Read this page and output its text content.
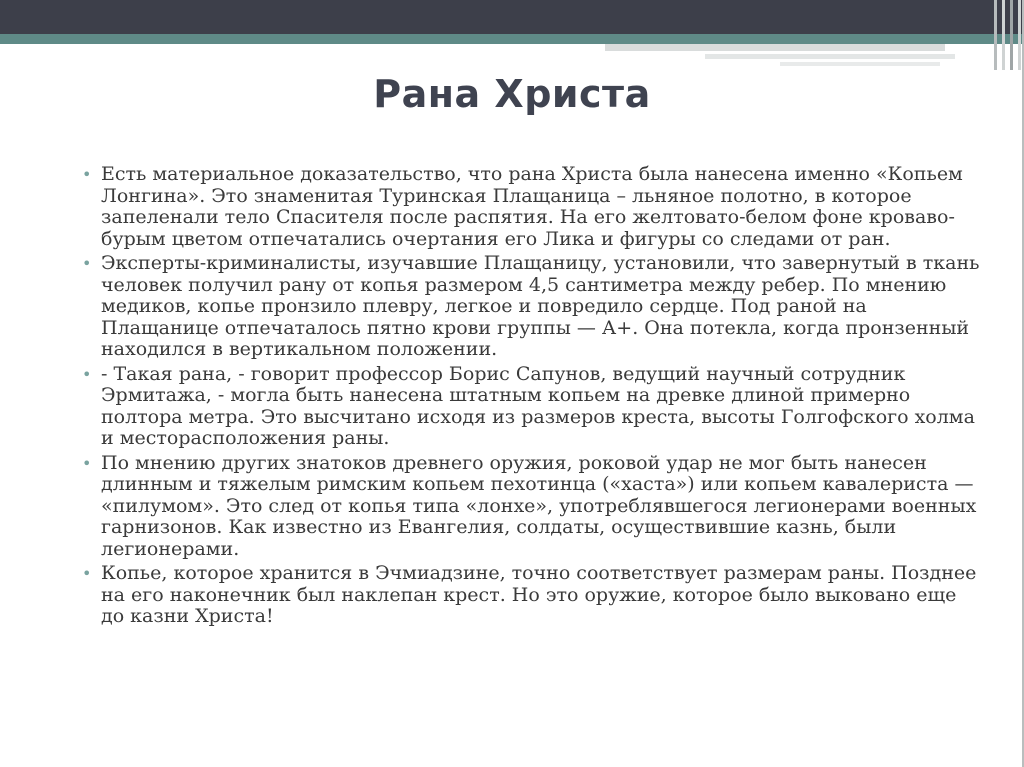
Рана Христа
• Есть материальное доказательство, что рана Христа была нанесена именно «Копьем Лонгина». Это знаменитая Туринская Плащаница – льняное полотно, в которое запеленали тело Спасителя после распятия. На его желтовато-белом фоне кроваво-бурым цветом отпечатались очертания его Лика и фигуры со следами от ран.
• Эксперты-криминалисты, изучавшие Плащаницу, установили, что завернутый в ткань человек получил рану от копья размером 4,5 сантиметра между ребер. По мнению медиков, копье пронзило плевру, легкое и повредило сердце. Под раной на Плащанице отпечаталось пятно крови группы — А+. Она потекла, когда пронзенный находился в вертикальном положении.
• - Такая рана, - говорит профессор Борис Сапунов, ведущий научный сотрудник Эрмитажа, - могла быть нанесена штатным копьем на древке длиной примерно полтора метра. Это высчитано исходя из размеров креста, высоты Голгофского холма и месторасположения раны.
• По мнению других знатоков древнего оружия, роковой удар не мог быть нанесен длинным и тяжелым римским копьем пехотинца («хаста») или копьем кавалериста — «пилумом». Это след от копья типа «лонхе», употреблявшегося легионерами военных гарнизонов. Как известно из Евангелия, солдаты, осуществившие казнь, были легионерами.
• Копье, которое хранится в Эчмиадзине, точно соответствует размерам раны. Позднее на его наконечник был наклепан крест. Но это оружие, которое было выковано еще до казни Христа!
